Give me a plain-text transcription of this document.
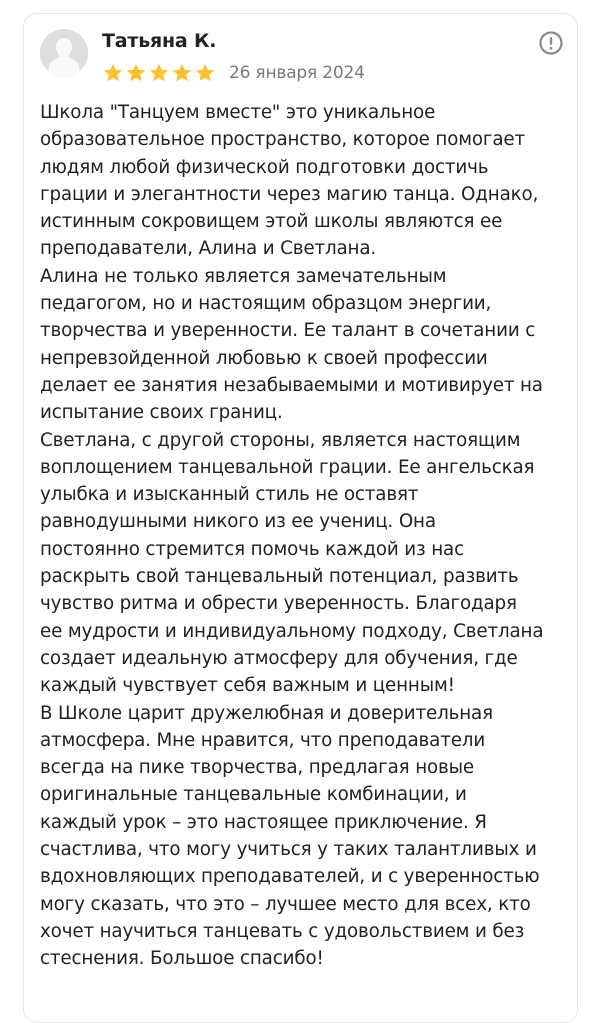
Татьяна К.
26 января 2024

Школа "Танцуем вместе" это уникальное

образовательное пространство, которое помогает

людям любой физической подготовки достичь

грации и элегантности через магию танца. Однако,

истинным сокровищем этой школы являются ее

преподаватели, Алина и Светлана.

Алина не только является замечательным

педагогом, но и настоящим образцом энергии,

творчества и уверенности. Ее талант в сочетании с

непревзойденной любовью к своей профессии

делает ее занятия незабываемыми и мотивирует на

испытание своих границ.

Светлана, с другой стороны, является настоящим

воплощением танцевальной грации. Ее ангельская

улыбка и изысканный стиль не оставят

равнодушными никого из ее учениц. Она

постоянно стремится помочь каждой из нас

раскрыть свой танцевальный потенциал, развить

чувство ритма и обрести уверенность. Благодаря

ее мудрости и индивидуальному подходу, Светлана

создает идеальную атмосферу для обучения, где

каждый чувствует себя важным и ценным!

В Школе царит дружелюбная и доверительная

атмосфера. Мне нравится, что преподаватели

всегда на пике творчества, предлагая новые

оригинальные танцевальные комбинации, и

каждый урок – это настоящее приключение. Я

счастлива, что могу учиться у таких талантливых и

вдохновляющих преподавателей, и с уверенностью

могу сказать, что это – лучшее место для всех, кто

хочет научиться танцевать с удовольствием и без

стеснения. Большое спасибо!
